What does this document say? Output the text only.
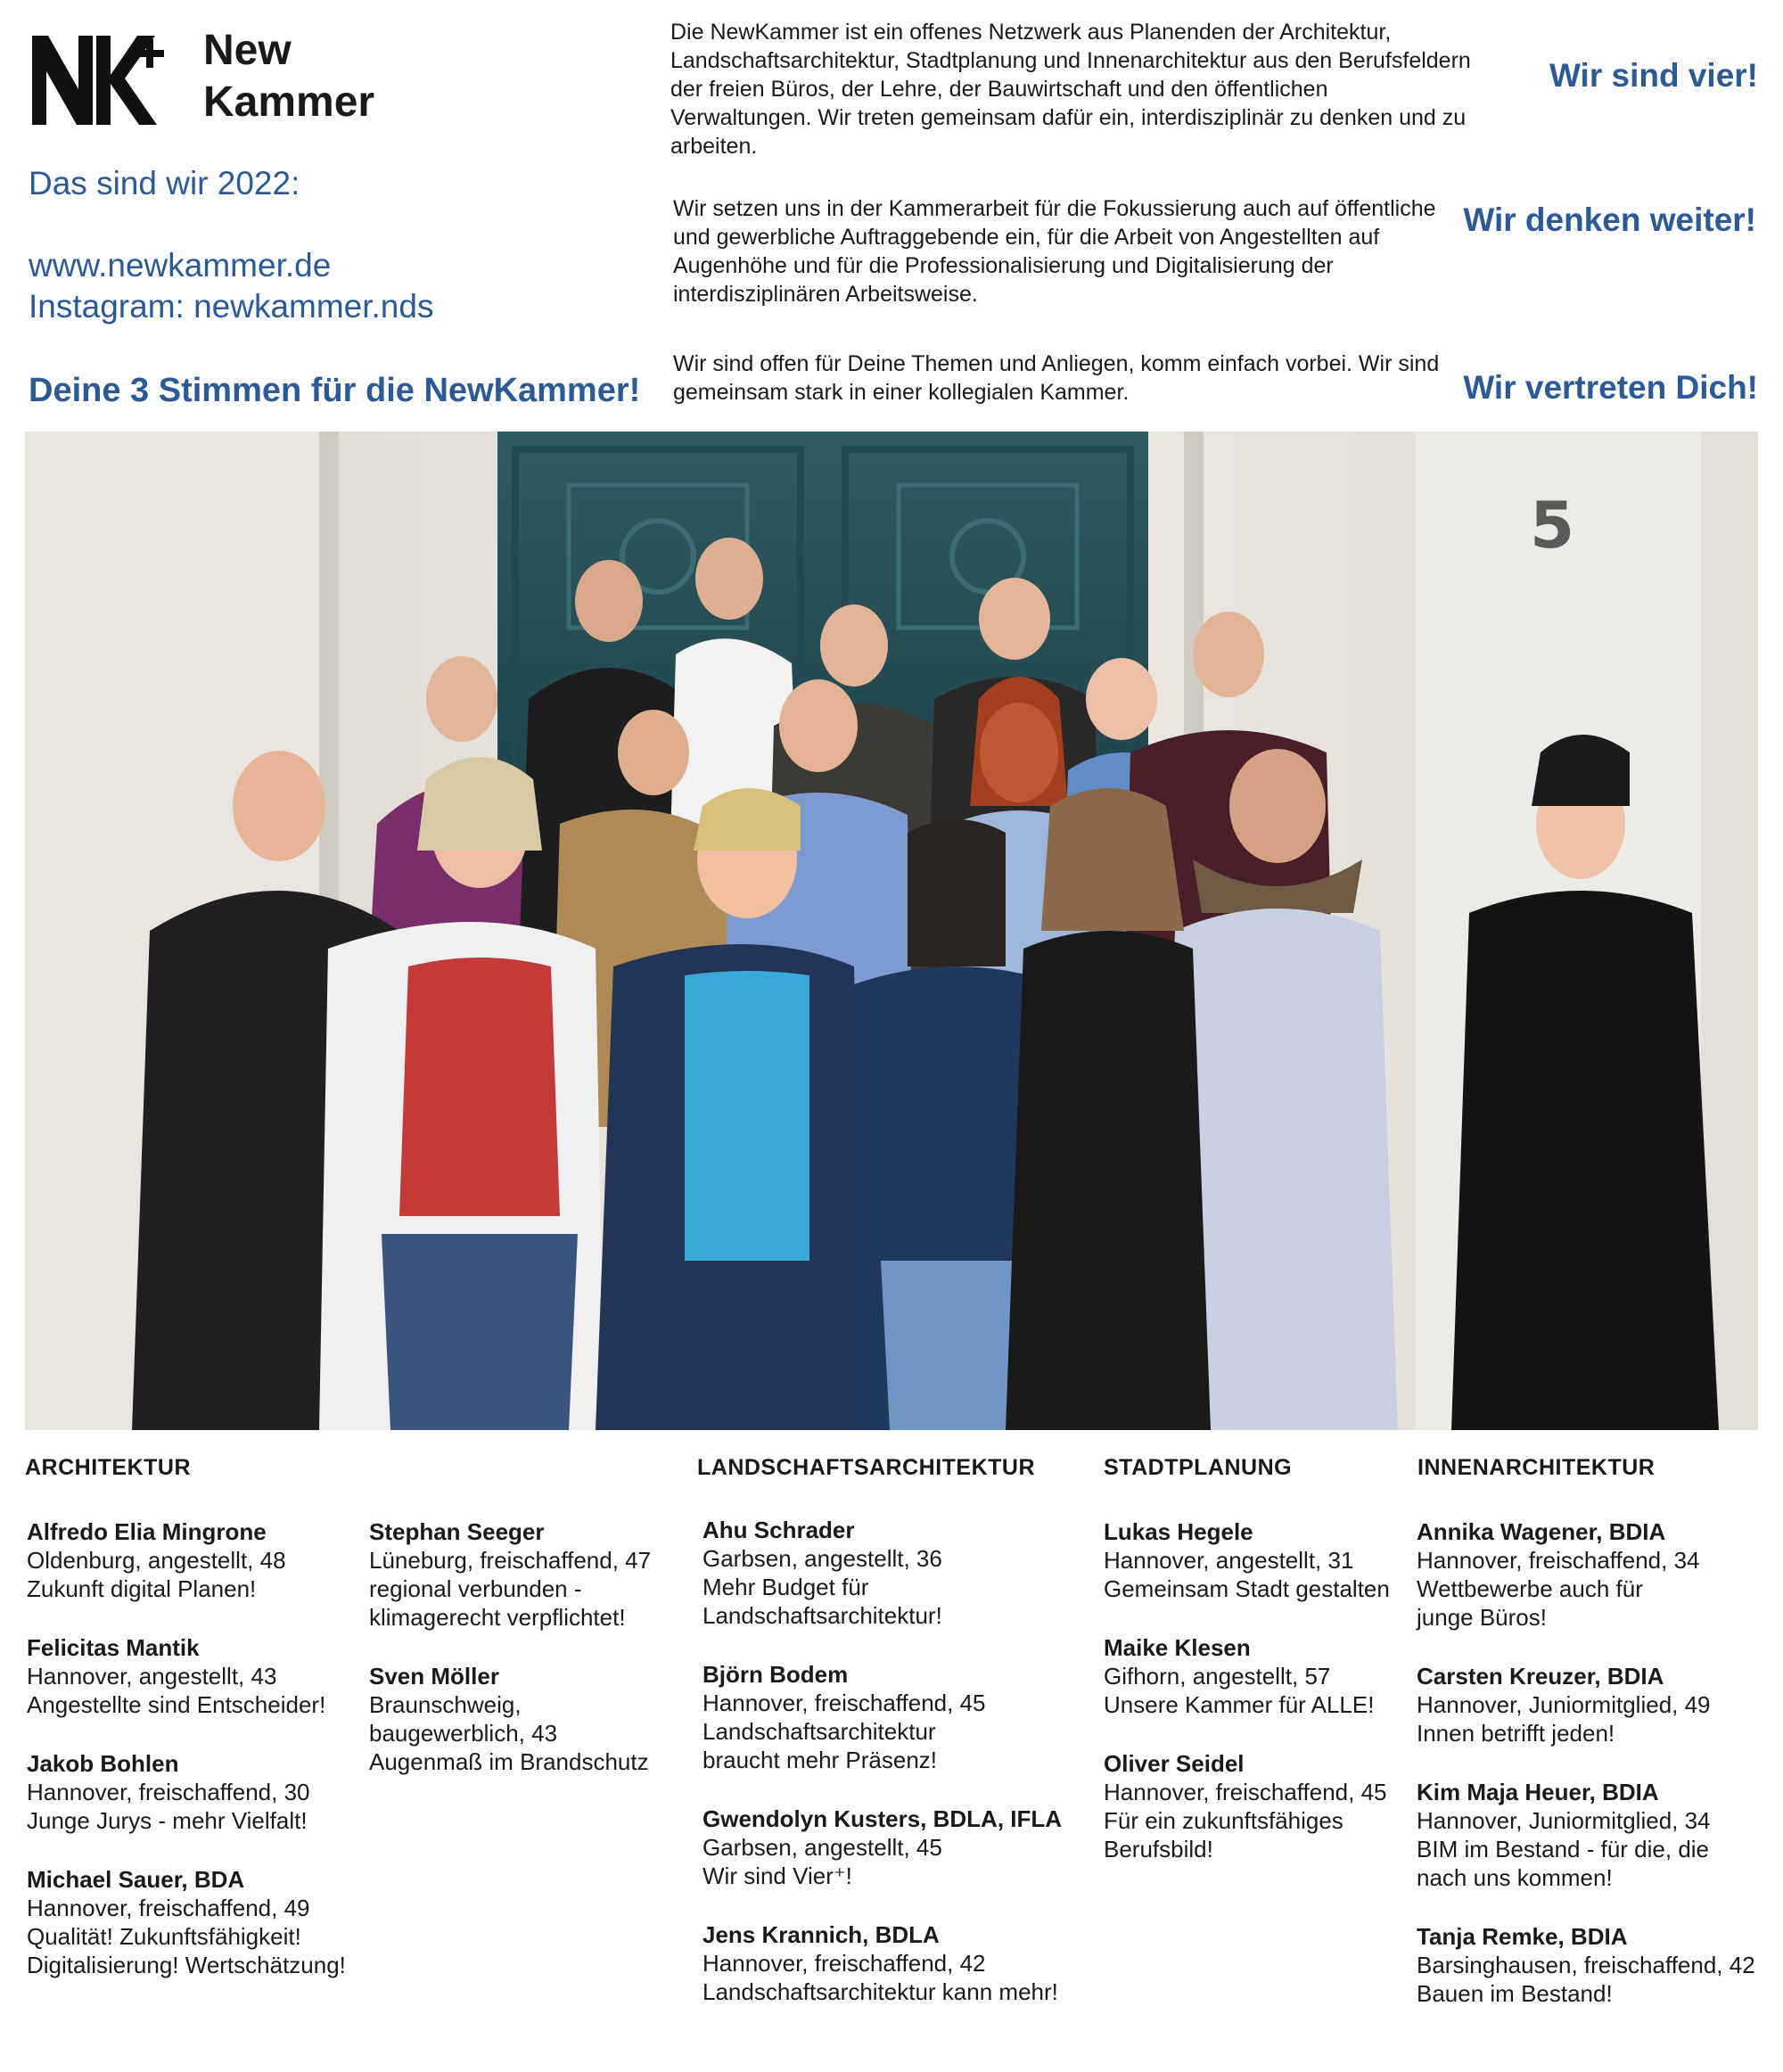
New
Kammer
Das sind wir 2022:
www.newkammer.de
Instagram: newkammer.nds
Deine 3 Stimmen für die NewKammer!
Die NewKammer ist ein offenes Netzwerk aus Planenden der Architektur, Landschaftsarchitektur, Stadtplanung und Innenarchitektur aus den Berufsfeldern der freien Büros, der Lehre, der Bauwirtschaft und den öffentlichen Verwaltungen. Wir treten gemeinsam dafür ein, interdisziplinär zu denken und zu arbeiten.
Wir setzen uns in der Kammerarbeit für die Fokussierung auch auf öffentliche und gewerbliche Auftraggebende ein, für die Arbeit von Angestellten auf Augenhöhe und für die Professionalisierung und Digitalisierung der interdisziplinären Arbeitsweise.
Wir sind offen für Deine Themen und Anliegen, komm einfach vorbei. Wir sind gemeinsam stark in einer kollegialen Kammer.
Wir sind vier!
Wir denken weiter!
Wir vertreten Dich!
5
ARCHITEKTUR	LANDSCHAFTSARCHITEKTUR	STADTPLANUNG	INNENARCHITEKTUR
Alfredo Elia Mingrone
Oldenburg, angestellt, 48
Zukunft digital Planen!
Felicitas Mantik
Hannover, angestellt, 43
Angestellte sind Entscheider!
Jakob Bohlen
Hannover, freischaffend, 30
Junge Jurys - mehr Vielfalt!
Michael Sauer, BDA
Hannover, freischaffend, 49
Qualität! Zukunftsfähigkeit!
Digitalisierung! Wertschätzung!
Stephan Seeger
Lüneburg, freischaffend, 47
regional verbunden -
klimagerecht verpflichtet!
Sven Möller
Braunschweig,
baugewerblich, 43
Augenmaß im Brandschutz
Ahu Schrader
Garbsen, angestellt, 36
Mehr Budget für
Landschaftsarchitektur!
Björn Bodem
Hannover, freischaffend, 45
Landschaftsarchitektur
braucht mehr Präsenz!
Gwendolyn Kusters, BDLA, IFLA
Garbsen, angestellt, 45
Wir sind Vier⁺!
Jens Krannich, BDLA
Hannover, freischaffend, 42
Landschaftsarchitektur kann mehr!
Lukas Hegele
Hannover, angestellt, 31
Gemeinsam Stadt gestalten
Maike Klesen
Gifhorn, angestellt, 57
Unsere Kammer für ALLE!
Oliver Seidel
Hannover, freischaffend, 45
Für ein zukunftsfähiges
Berufsbild!
Annika Wagener, BDIA
Hannover, freischaffend, 34
Wettbewerbe auch für
junge Büros!
Carsten Kreuzer, BDIA
Hannover, Juniormitglied, 49
Innen betrifft jeden!
Kim Maja Heuer, BDIA
Hannover, Juniormitglied, 34
BIM im Bestand - für die, die
nach uns kommen!
Tanja Remke, BDIA
Barsinghausen, freischaffend, 42
Bauen im Bestand!
